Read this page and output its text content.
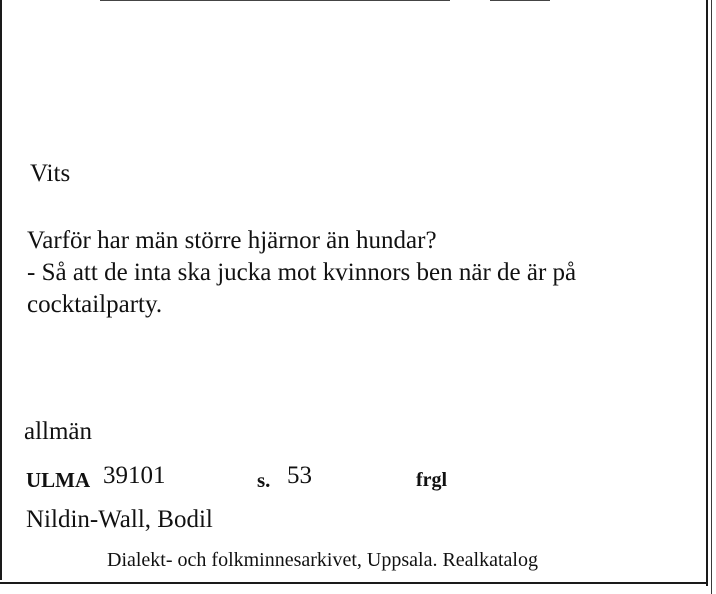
Vits

Varför har män större hjärnor än hundar?
- Så att de inta ska jucka mot kvinnors ben när de är på
cocktailparty.

allmän

ULMA 39101	s. 53	frgl

Nildin-Wall, Bodil

Dialekt- och folkminnesarkivet, Uppsala. Realkatalog
